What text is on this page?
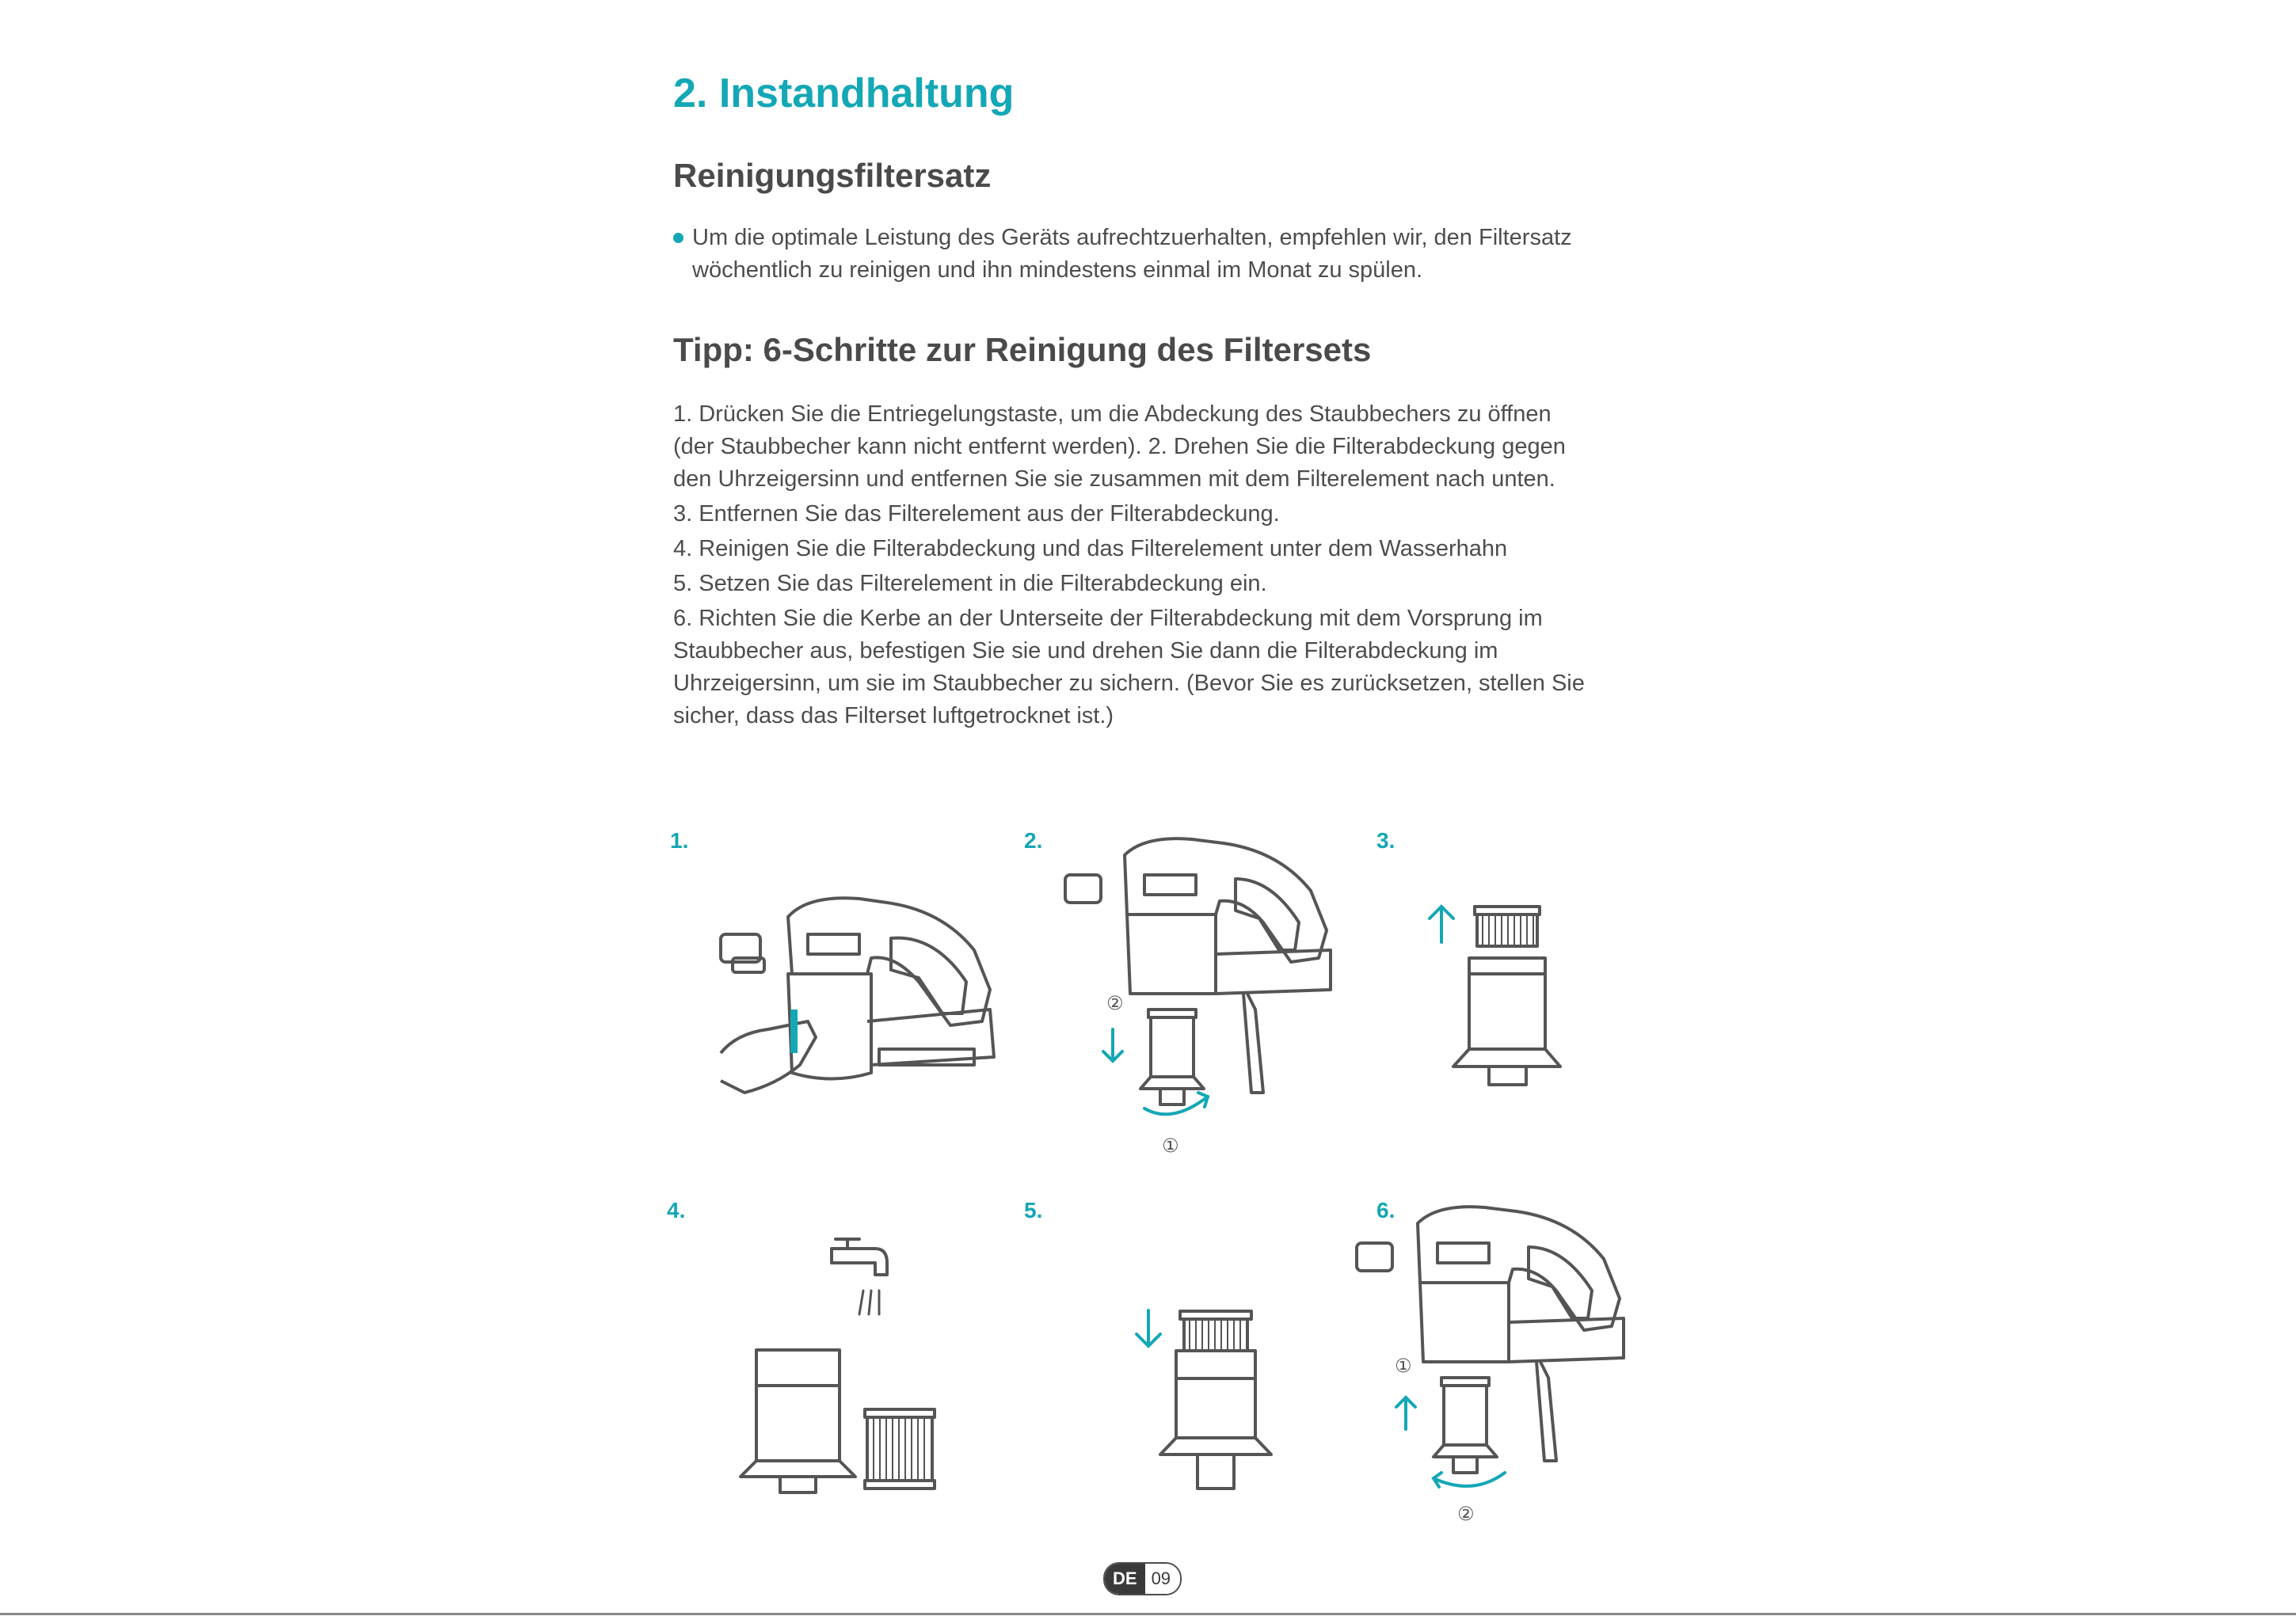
2. Instandhaltung
Reinigungsfiltersatz
Um die optimale Leistung des Geräts aufrechtzuerhalten, empfehlen wir, den Filtersatz wöchentlich zu reinigen und ihn mindestens einmal im Monat zu spülen.
Tipp: 6-Schritte zur Reinigung des Filtersets

1. Drücken Sie die Entriegelungstaste, um die Abdeckung des Staubbechers zu öffnen (der Staubbecher kann nicht entfernt werden). 2. Drehen Sie die Filterabdeckung gegen den Uhrzeigersinn und entfernen Sie sie zusammen mit dem Filterelement nach unten.

3. Entfernen Sie das Filterelement aus der Filterabdeckung.

4. Reinigen Sie die Filterabdeckung und das Filterelement unter dem Wasserhahn

5. Setzen Sie das Filterelement in die Filterabdeckung ein.

6. Richten Sie die Kerbe an der Unterseite der Filterabdeckung mit dem Vorsprung im Staubbecher aus, befestigen Sie sie und drehen Sie dann die Filterabdeckung im Uhrzeigersinn, um sie im Staubbecher zu sichern. (Bevor Sie es zurücksetzen, stellen Sie sicher, dass das Filterset luftgetrocknet ist.)

1.	2.	3.
4.	5.	6.
②
①
①
②
DE 09
